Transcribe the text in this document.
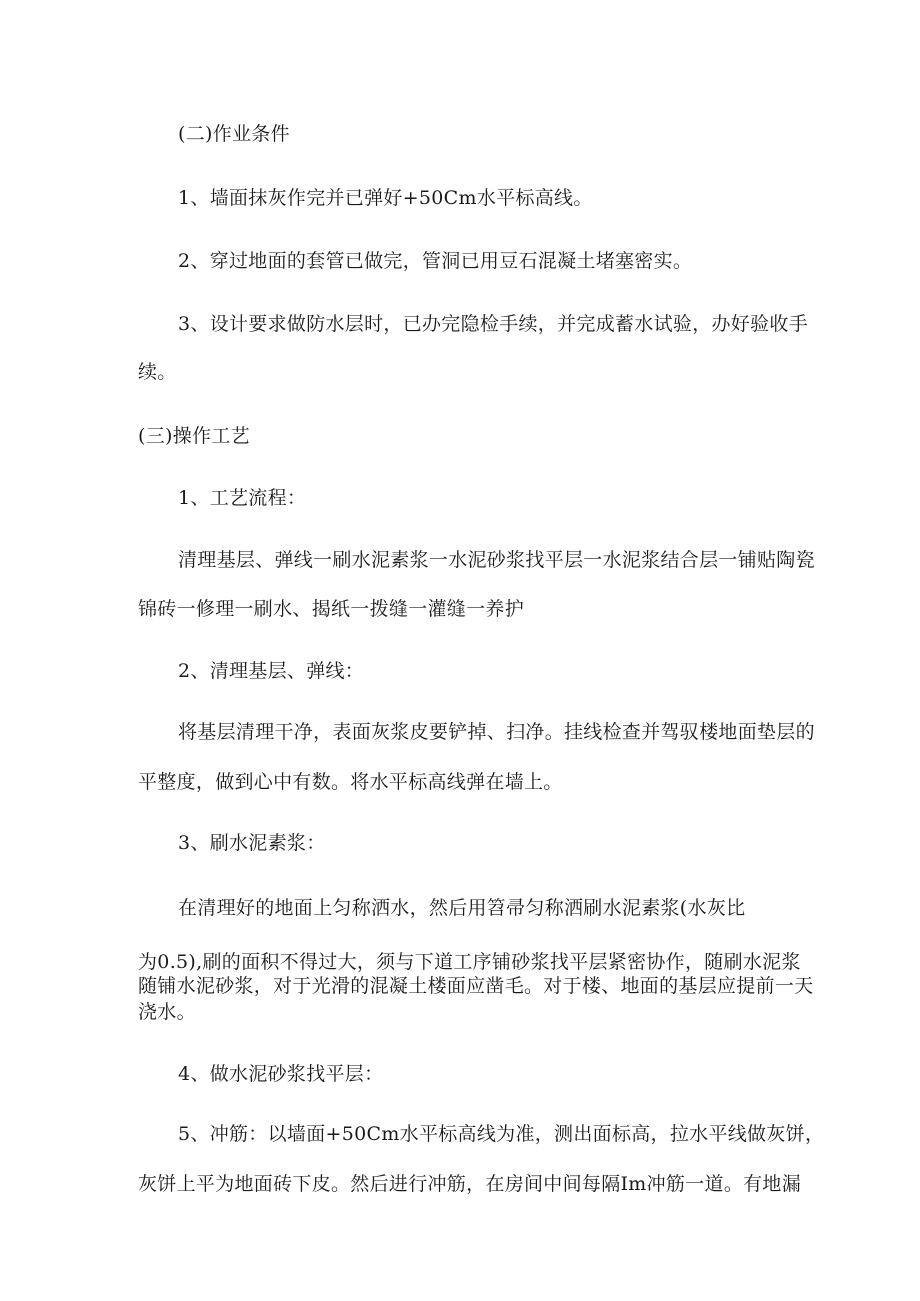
(二)作业条件
1、墙面抹灰作完并已弹好+50Cm水平标高线。
2、穿过地面的套管已做完，管洞已用豆石混凝土堵塞密实。
3、设计要求做防水层时，已办完隐检手续，并完成蓄水试验，办好验收手
续。
(三)操作工艺
1、工艺流程：
清理基层、弹线一刷水泥素浆一水泥砂浆找平层一水泥浆结合层一铺贴陶瓷
锦砖一修理一刷水、揭纸一拨缝一灌缝一养护
2、清理基层、弹线：
将基层清理干净，表面灰浆皮要铲掉、扫净。挂线检查并驾驭楼地面垫层的
平整度，做到心中有数。将水平标高线弹在墙上。
3、刷水泥素浆：
在清理好的地面上匀称洒水，然后用笤帚匀称洒刷水泥素浆(水灰比
为0.5),刷的面积不得过大，须与下道工序铺砂浆找平层紧密协作，随刷水泥浆
随铺水泥砂浆，对于光滑的混凝土楼面应凿毛。对于楼、地面的基层应提前一天
浇水。
4、做水泥砂浆找平层：
5、冲筋：以墙面+50Cm水平标高线为准，测出面标高，拉水平线做灰饼，
灰饼上平为地面砖下皮。然后进行冲筋，在房间中间每隔Im冲筋一道。有地漏
